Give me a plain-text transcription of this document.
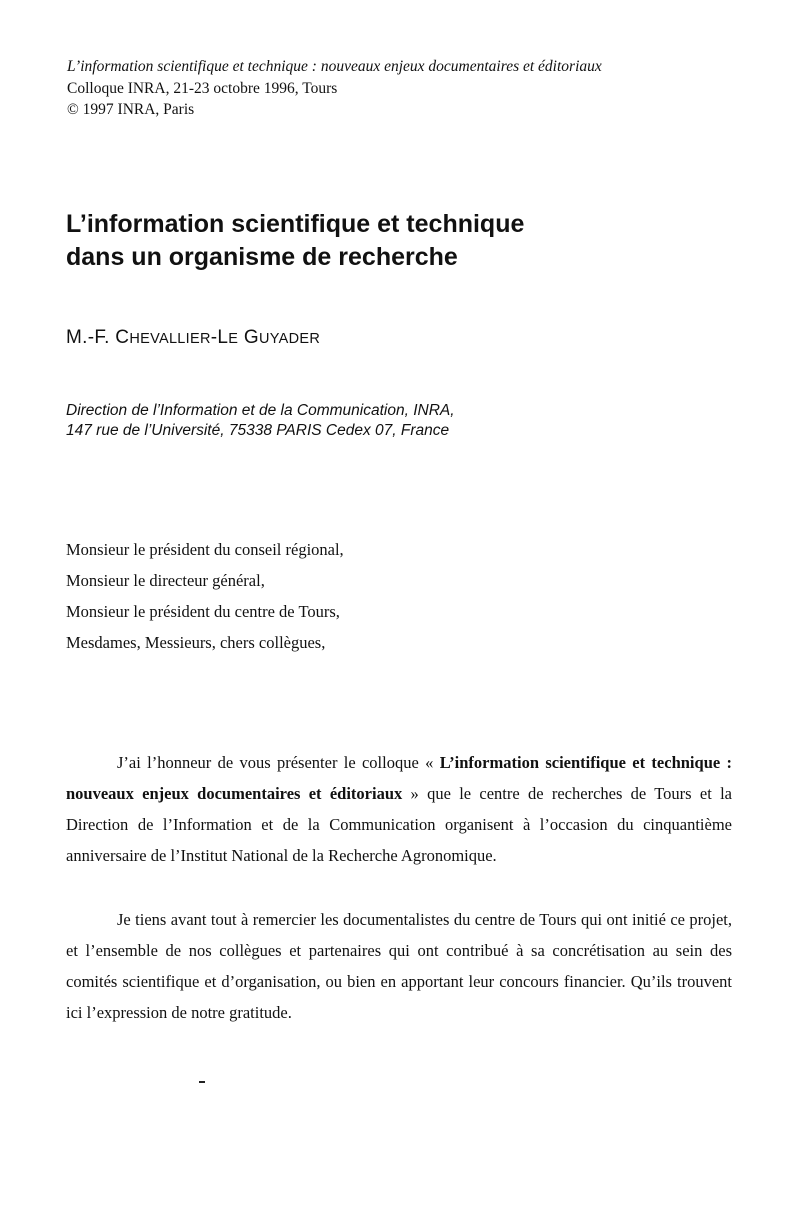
L’information scientifique et technique : nouveaux enjeux documentaires et éditoriaux
Colloque INRA, 21-23 octobre 1996, Tours
© 1997 INRA, Paris
L’information scientifique et technique
dans un organisme de recherche
M.-F. CHEVALLIER-LE GUYADER
Direction de l’Information et de la Communication, INRA,
147 rue de l’Université, 75338 PARIS Cedex 07, France
Monsieur le président du conseil régional,
Monsieur le directeur général,
Monsieur le président du centre de Tours,
Mesdames, Messieurs, chers collègues,

J’ai l’honneur de vous présenter le colloque « L’information scientifique et technique : nouveaux enjeux documentaires et éditoriaux » que le centre de recherches de Tours et la Direction de l’Information et de la Communication organisent à l’occasion du cinquantième anniversaire de l’Institut National de la Recherche Agronomique.

Je tiens avant tout à remercier les documentalistes du centre de Tours qui ont initié ce projet, et l’ensemble de nos collègues et partenaires qui ont contribué à sa concrétisation au sein des comités scientifique et d’organisation, ou bien en apportant leur concours financier. Qu’ils trouvent ici l’expression de notre gratitude.
